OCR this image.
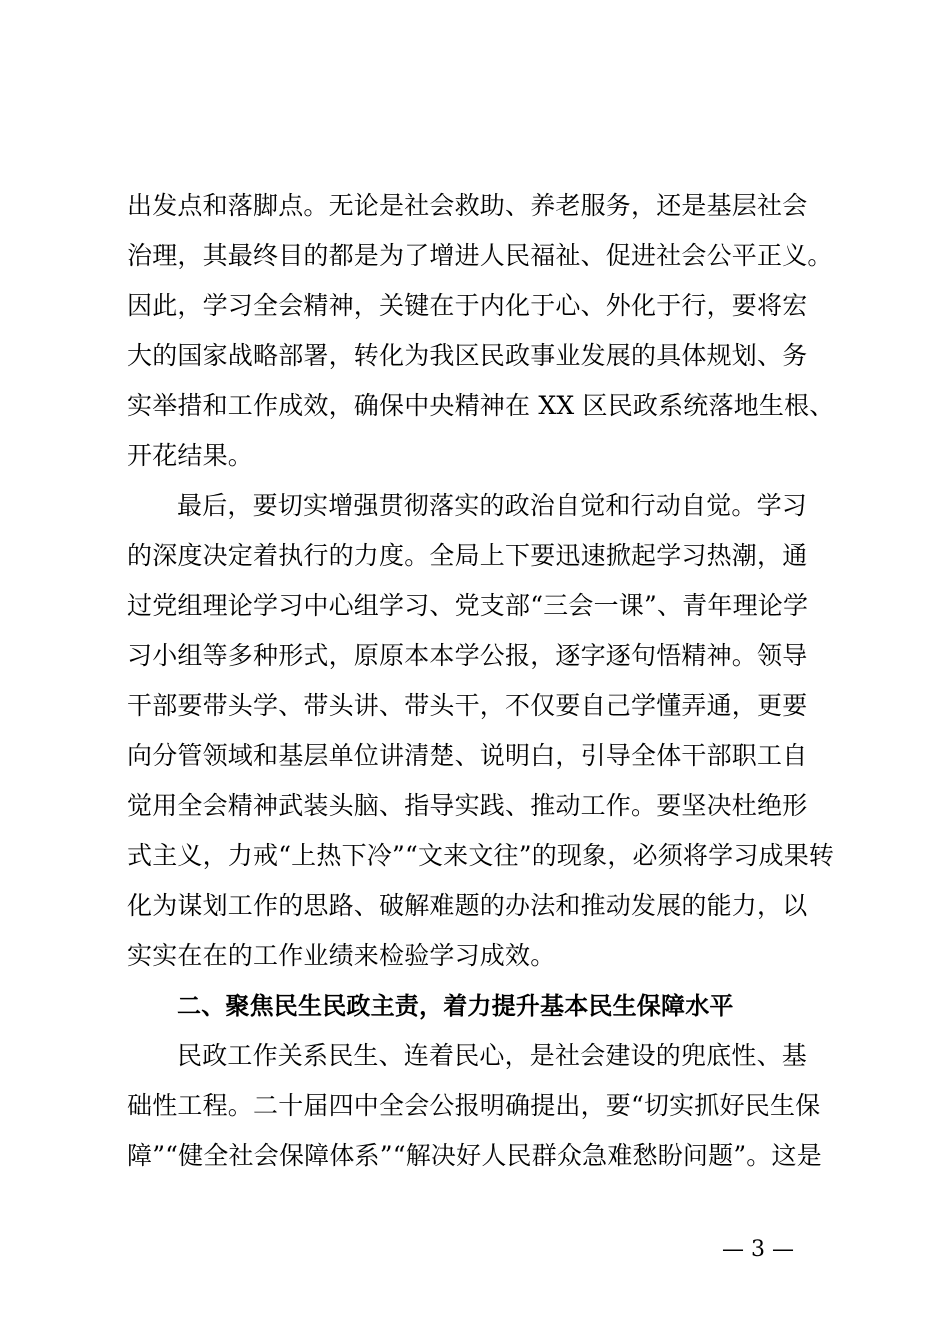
出发点和落脚点。无论是社会救助、养老服务，还是基层社会
治理，其最终目的都是为了增进人民福祉、促进社会公平正义。
因此，学习全会精神，关键在于内化于心、外化于行，要将宏
大的国家战略部署，转化为我区民政事业发展的具体规划、务
实举措和工作成效，确保中央精神在 XX 区民政系统落地生根、
开花结果。
最后，要切实增强贯彻落实的政治自觉和行动自觉。学习
的深度决定着执行的力度。全局上下要迅速掀起学习热潮，通
过党组理论学习中心组学习、党支部“三会一课”、青年理论学
习小组等多种形式，原原本本学公报，逐字逐句悟精神。领导
干部要带头学、带头讲、带头干，不仅要自己学懂弄通，更要
向分管领域和基层单位讲清楚、说明白，引导全体干部职工自
觉用全会精神武装头脑、指导实践、推动工作。要坚决杜绝形
式主义，力戒“上热下冷”“文来文往”的现象，必须将学习成果转
化为谋划工作的思路、破解难题的办法和推动发展的能力，以
实实在在的工作业绩来检验学习成效。
二、聚焦民生民政主责，着力提升基本民生保障水平
民政工作关系民生、连着民心，是社会建设的兜底性、基
础性工程。二十届四中全会公报明确提出，要“切实抓好民生保
障”“健全社会保障体系”“解决好人民群众急难愁盼问题”。这是
— 3 —
